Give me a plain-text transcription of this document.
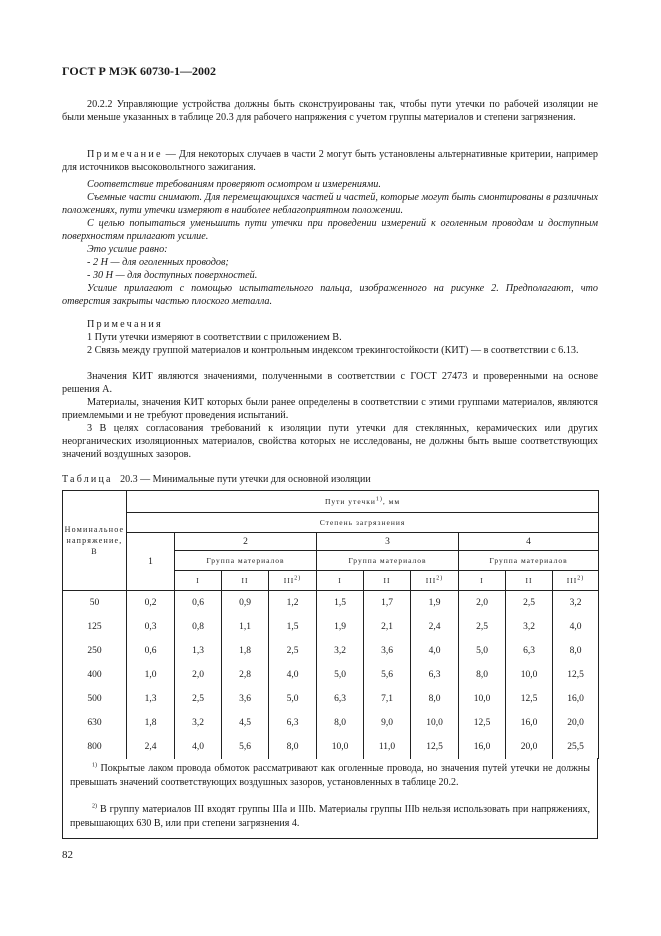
ГОСТ Р МЭК 60730-1—2002
20.2.2 Управляющие устройства должны быть сконструированы так, чтобы пути утечки по рабочей изоляции не были меньше указанных в таблице 20.3 для рабочего напряжения с учетом группы материалов и степени загрязнения.
Примечание — Для некоторых случаев в части 2 могут быть установлены альтернативные критерии, например для источников высоковольтного зажигания.
Соответствие требованиям проверяют осмотром и измерениями.
Съемные части снимают. Для перемещающихся частей и частей, которые могут быть смонтированы в различных положениях, пути утечки измеряют в наиболее неблагоприятном положении.
С целью попытаться уменьшить пути утечки при проведении измерений к оголенным проводам и доступным поверхностям прилагают усилие.
Это усилие равно:
- 2 Н — для оголенных проводов;
- 30 Н — для доступных поверхностей.
Усилие прилагают с помощью испытательного пальца, изображенного на рисунке 2. Предполагают, что отверстия закрыты частью плоского металла.
Примечания
1 Пути утечки измеряют в соответствии с приложением В.
2 Связь между группой материалов и контрольным индексом трекингостойкости (КИТ) — в соответствии с 6.13.
Значения КИТ являются значениями, полученными в соответствии с ГОСТ 27473 и проверенными на основе решения А.
Материалы, значения КИТ которых были ранее определены в соответствии с этими группами материалов, являются приемлемыми и не требуют проведения испытаний.
3 В целях согласования требований к изоляции пути утечки для стеклянных, керамических или других неорганических изоляционных материалов, свойства которых не исследованы, не должны быть выше соответствующих значений воздушных зазоров.
Таблица 20.3 — Минимальные пути утечки для основной изоляции
Номинальное напряжение, В	Пути утечки$^{1)}$, мм									
	Степень загрязнения									
	1	2			3			4		
		Группа материалов			Группа материалов			Группа материалов		
		I	II	III$^{2)}$	I	II	III$^{2)}$	I	II	III$^{2)}$
50	0,2	0,6	0,9	1,2	1,5	1,7	1,9	2,0	2,5	3,2
125	0,3	0,8	1,1	1,5	1,9	2,1	2,4	2,5	3,2	4,0
250	0,6	1,3	1,8	2,5	3,2	3,6	4,0	5,0	6,3	8,0
400	1,0	2,0	2,8	4,0	5,0	5,6	6,3	8,0	10,0	12,5
500	1,3	2,5	3,6	5,0	6,3	7,1	8,0	10,0	12,5	16,0
630	1,8	3,2	4,5	6,3	8,0	9,0	10,0	12,5	16,0	20,0
800	2,4	4,0	5,6	8,0	10,0	11,0	12,5	16,0	20,0	25,5
$^{1)}$ Покрытые лаком провода обмоток рассматривают как оголенные провода, но значения путей утечки не должны превышать значений соответствующих воздушных зазоров, установленных в таблице 20.2.
$^{2)}$ В группу материалов III входят группы IIIa и IIIb. Материалы группы IIIb нельзя использовать при напряжениях, превышающих 630 В, или при степени загрязнения 4.
82
